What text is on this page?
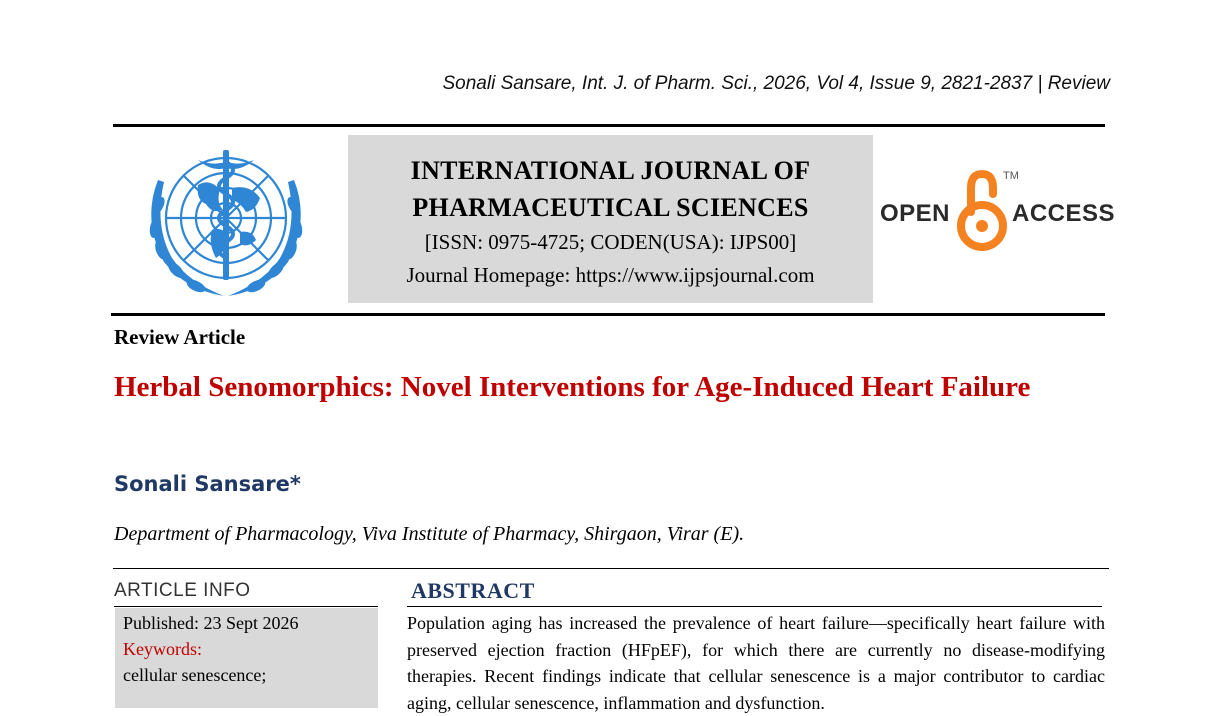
Sonali Sansare, Int. J. of Pharm. Sci., 2026, Vol 4, Issue 9, 2821-2837 | Review
INTERNATIONAL JOURNAL OF
PHARMACEUTICAL SCIENCES
[ISSN: 0975-4725; CODEN(USA): IJPS00]
Journal Homepage: https://www.ijpsjournal.com
OPEN	ACCESS
TM
Review Article
Herbal Senomorphics: Novel Interventions for Age-Induced Heart Failure
Sonali Sansare*
Department of Pharmacology, Viva Institute of Pharmacy, Shirgaon, Virar (E).
ARTICLE INFO
Published: 23 Sept 2026
Keywords:
cellular senescence;
ABSTRACT
Population aging has increased the prevalence of heart failure—specifically heart failure with preserved ejection fraction (HFpEF), for which there are currently no disease-modifying therapies. Recent findings indicate that cellular senescence is a major contributor to cardiac aging, cellular senescence, inflammation and dysfunction.
